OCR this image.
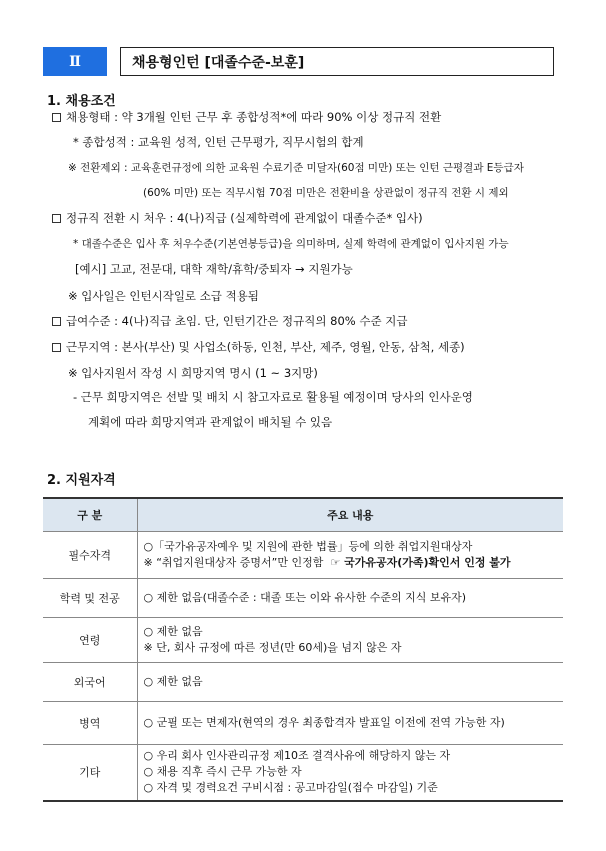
Ⅱ	채용형인턴 [대졸수준-보훈]
1. 채용조건
채용형태 : 약 3개월 인턴 근무 후 종합성적*에 따라 90% 이상 정규직 전환
* 종합성적 : 교육원 성적, 인턴 근무평가, 직무시험의 합계
※ 전환제외 : 교육훈련규정에 의한 교육원 수료기준 미달자(60점 미만) 또는 인턴 근평결과 E등급자
(60% 미만) 또는 직무시험 70점 미만은 전환비율 상관없이 정규직 전환 시 제외
정규직 전환 시 처우 : 4(나)직급 (실제학력에 관계없이 대졸수준* 입사)
* 대졸수준은 입사 후 처우수준(기본연봉등급)을 의미하며, 실제 학력에 관계없이 입사지원 가능
[예시] 고교, 전문대, 대학 재학/휴학/중퇴자 → 지원가능
※ 입사일은 인턴시작일로 소급 적용됨
급여수준 : 4(나)직급 초임. 단, 인턴기간은 정규직의 80% 수준 지급
근무지역 : 본사(부산) 및 사업소(하동, 인천, 부산, 제주, 영월, 안동, 삼척, 세종)
※ 입사지원서 작성 시 희망지역 명시 (1 ~ 3지망)
- 근무 희망지역은 선발 및 배치 시 참고자료로 활용될 예정이며 당사의 인사운영
계획에 따라 희망지역과 관계없이 배치될 수 있음
2. 지원자격
구 분	주요 내용
필수자격	○「국가유공자예우 및 지원에 관한 법률」등에 의한 취업지원대상자
※ “취업지원대상자 증명서”만 인정함 ☞ 국가유공자(가족)확인서 인정 불가

학력 및 전공	○ 제한 없음(대졸수준 : 대졸 또는 이와 유사한 수준의 지식 보유자)

연령	○ 제한 없음
※ 단, 회사 규정에 따른 정년(만 60세)을 넘지 않은 자

외국어	○ 제한 없음

병역	○ 군필 또는 면제자(현역의 경우 최종합격자 발표일 이전에 전역 가능한 자)

기타	○ 우리 회사 인사관리규정 제10조 결격사유에 해당하지 않는 자
○ 채용 직후 즉시 근무 가능한 자
○ 자격 및 경력요건 구비시점 : 공고마감일(접수 마감일) 기준
